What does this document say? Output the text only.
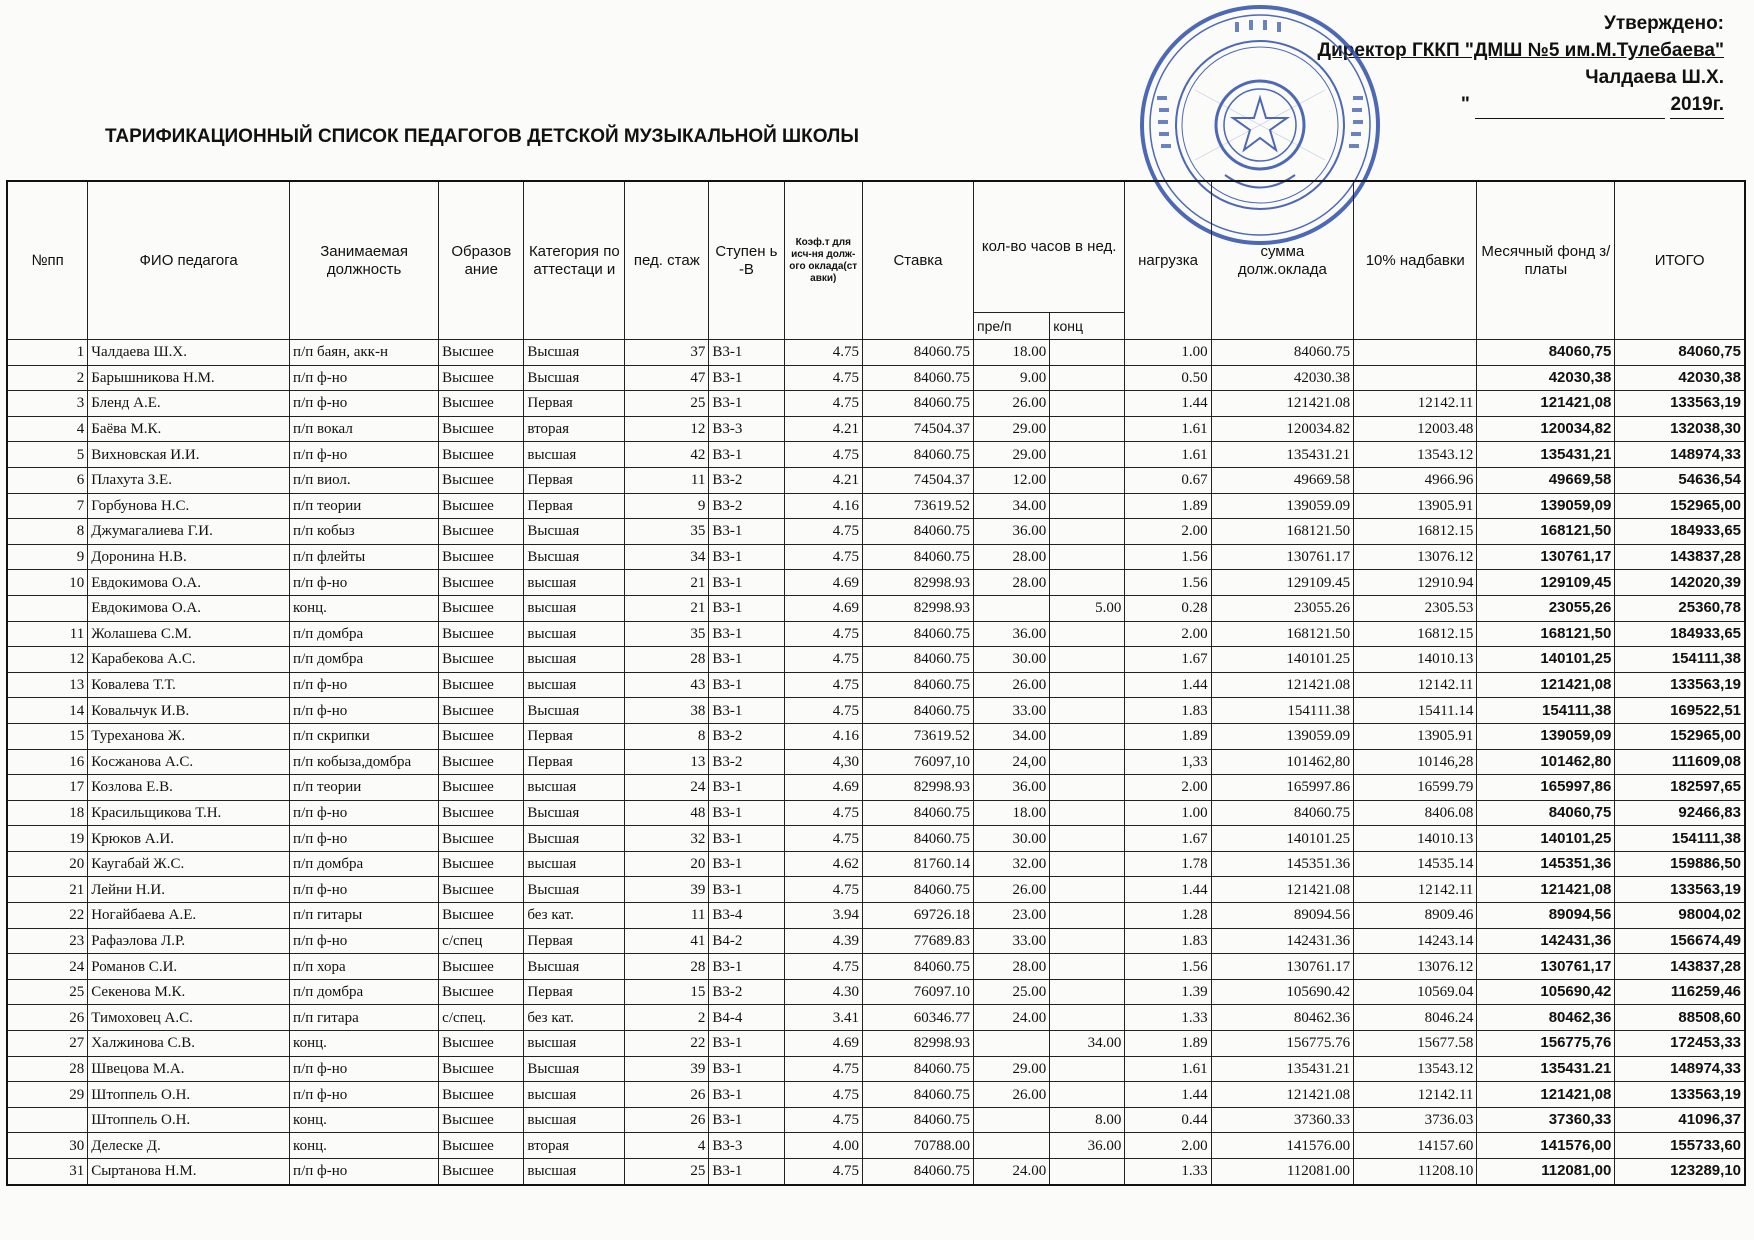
Утверждено:
Директор ГККП "ДМШ №5 им.М.Тулебаева"
Чалдаева Ш.Х.
"	2019г.
ТАРИФИКАЦИОННЫЙ СПИСОК ПЕДАГОГОВ ДЕТСКОЙ МУЗЫКАЛЬНОЙ ШКОЛЫ
№пп	ФИО педагога	Занимаемая должность	Образов ание	Категория по аттестаци и	пед. стаж	Ступен ь -В	Коэф.т для исч-ня долж-ого оклада(ст авки)	Ставка	кол-во часов в нед.		нагрузка	сумма долж.оклада	10% надбавки	Месячный фонд з/платы	ИТОГО
									пре/п	конц					
1	Чалдаева Ш.Х.	п/п баян, акк-н	Высшее	Высшая	37	В3-1	4.75	84060.75	18.00		1.00	84060.75		84060,75	84060,75
2	Барышникова Н.М.	п/п ф-но	Высшее	Высшая	47	В3-1	4.75	84060.75	9.00		0.50	42030.38		42030,38	42030,38
3	Бленд А.Е.	п/п ф-но	Высшее	Первая	25	В3-1	4.75	84060.75	26.00		1.44	121421.08	12142.11	121421,08	133563,19
4	Баёва М.К.	п/п вокал	Высшее	вторая	12	В3-3	4.21	74504.37	29.00		1.61	120034.82	12003.48	120034,82	132038,30
5	Вихновская И.И.	п/п ф-но	Высшее	высшая	42	В3-1	4.75	84060.75	29.00		1.61	135431.21	13543.12	135431,21	148974,33
6	Плахута З.Е.	п/п виол.	Высшее	Первая	11	В3-2	4.21	74504.37	12.00		0.67	49669.58	4966.96	49669,58	54636,54
7	Горбунова Н.С.	п/п теории	Высшее	Первая	9	В3-2	4.16	73619.52	34.00		1.89	139059.09	13905.91	139059,09	152965,00
8	Джумагалиева Г.И.	п/п кобыз	Высшее	Высшая	35	В3-1	4.75	84060.75	36.00		2.00	168121.50	16812.15	168121,50	184933,65
9	Доронина Н.В.	п/п флейты	Высшее	Высшая	34	В3-1	4.75	84060.75	28.00		1.56	130761.17	13076.12	130761,17	143837,28
10	Евдокимова О.А.	п/п ф-но	Высшее	высшая	21	В3-1	4.69	82998.93	28.00		1.56	129109.45	12910.94	129109,45	142020,39
	Евдокимова О.А.	конц.	Высшее	высшая	21	В3-1	4.69	82998.93		5.00	0.28	23055.26	2305.53	23055,26	25360,78
11	Жолашева С.М.	п/п домбра	Высшее	высшая	35	В3-1	4.75	84060.75	36.00		2.00	168121.50	16812.15	168121,50	184933,65
12	Карабекова А.С.	п/п домбра	Высшее	высшая	28	В3-1	4.75	84060.75	30.00		1.67	140101.25	14010.13	140101,25	154111,38
13	Ковалева Т.Т.	п/п ф-но	Высшее	высшая	43	В3-1	4.75	84060.75	26.00		1.44	121421.08	12142.11	121421,08	133563,19
14	Ковальчук И.В.	п/п ф-но	Высшее	Высшая	38	В3-1	4.75	84060.75	33.00		1.83	154111.38	15411.14	154111,38	169522,51
15	Туреханова Ж.	п/п скрипки	Высшее	Первая	8	В3-2	4.16	73619.52	34.00		1.89	139059.09	13905.91	139059,09	152965,00
16	Косжанова А.С.	п/п кобыза,домбра	Высшее	Первая	13	В3-2	4,30	76097,10	24,00		1,33	101462,80	10146,28	101462,80	111609,08
17	Козлова Е.В.	п/п теории	Высшее	высшая	24	В3-1	4.69	82998.93	36.00		2.00	165997.86	16599.79	165997,86	182597,65
18	Красильщикова Т.Н.	п/п ф-но	Высшее	Высшая	48	В3-1	4.75	84060.75	18.00		1.00	84060.75	8406.08	84060,75	92466,83
19	Крюков А.И.	п/п ф-но	Высшее	Высшая	32	В3-1	4.75	84060.75	30.00		1.67	140101.25	14010.13	140101,25	154111,38
20	Каугабай Ж.С.	п/п домбра	Высшее	высшая	20	В3-1	4.62	81760.14	32.00		1.78	145351.36	14535.14	145351,36	159886,50
21	Лейни Н.И.	п/п ф-но	Высшее	Высшая	39	В3-1	4.75	84060.75	26.00		1.44	121421.08	12142.11	121421,08	133563,19
22	Ногайбаева А.Е.	п/п гитары	Высшее	без кат.	11	В3-4	3.94	69726.18	23.00		1.28	89094.56	8909.46	89094,56	98004,02
23	Рафаэлова Л.Р.	п/п ф-но	с/спец	Первая	41	В4-2	4.39	77689.83	33.00		1.83	142431.36	14243.14	142431,36	156674,49
24	Романов С.И.	п/п хора	Высшее	Высшая	28	В3-1	4.75	84060.75	28.00		1.56	130761.17	13076.12	130761,17	143837,28
25	Секенова М.К.	п/п домбра	Высшее	Первая	15	В3-2	4.30	76097.10	25.00		1.39	105690.42	10569.04	105690,42	116259,46
26	Тимоховец А.С.	п/п гитара	с/спец.	без кат.	2	В4-4	3.41	60346.77	24.00		1.33	80462.36	8046.24	80462,36	88508,60
27	Халжинова С.В.	конц.	Высшее	высшая	22	В3-1	4.69	82998.93		34.00	1.89	156775.76	15677.58	156775,76	172453,33
28	Швецова М.А.	п/п ф-но	Высшее	Высшая	39	В3-1	4.75	84060.75	29.00		1.61	135431.21	13543.12	135431.21	148974,33
29	Штоппель О.Н.	п/п ф-но	Высшее	высшая	26	В3-1	4.75	84060.75	26.00		1.44	121421.08	12142.11	121421,08	133563,19
	Штоппель О.Н.	конц.	Высшее	высшая	26	В3-1	4.75	84060.75		8.00	0.44	37360.33	3736.03	37360,33	41096,37
30	Делеске Д.	конц.	Высшее	вторая	4	В3-3	4.00	70788.00		36.00	2.00	141576.00	14157.60	141576,00	155733,60
31	Сыртанова Н.М.	п/п ф-но	Высшее	высшая	25	В3-1	4.75	84060.75	24.00		1.33	112081.00	11208.10	112081,00	123289,10
